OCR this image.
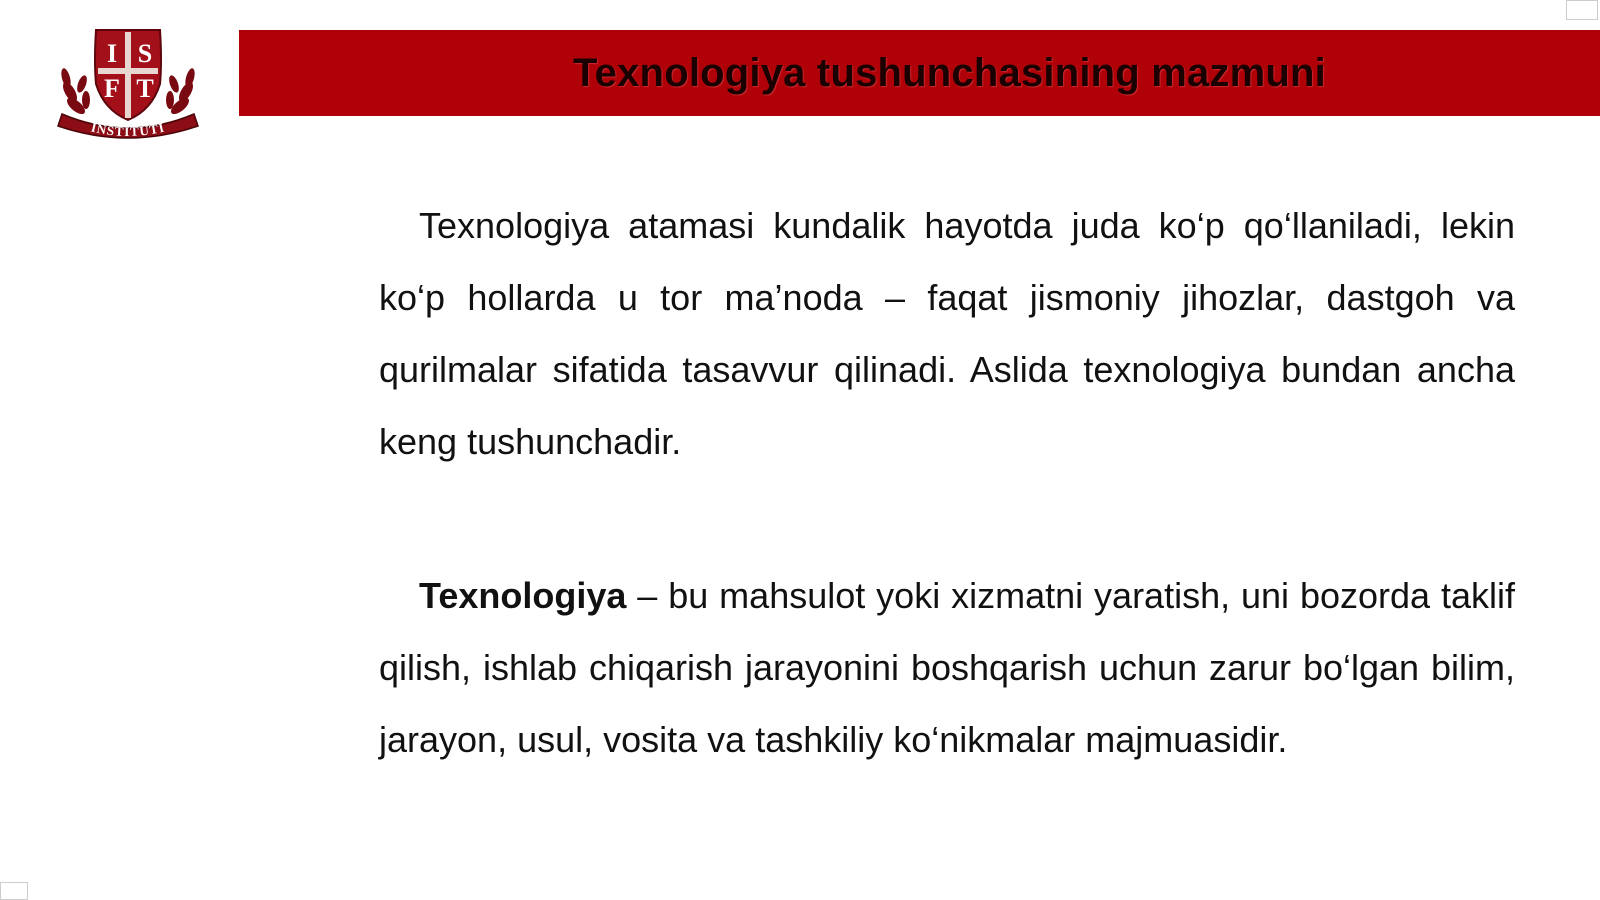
I S
F T
INSTITUTI
Texnologiya tushunchasining mazmuni

Texnologiya atamasi kundalik hayotda juda ko‘p qo‘llaniladi, lekin ko‘p hollarda u tor ma’noda – faqat jismoniy jihozlar, dastgoh va qurilmalar sifatida tasavvur qilinadi. Aslida texnologiya bundan ancha keng tushunchadir.

Texnologiya – bu mahsulot yoki xizmatni yaratish, uni bozorda taklif qilish, ishlab chiqarish jarayonini boshqarish uchun zarur bo‘lgan bilim, jarayon, usul, vosita va tashkiliy ko‘nikmalar majmuasidir.
